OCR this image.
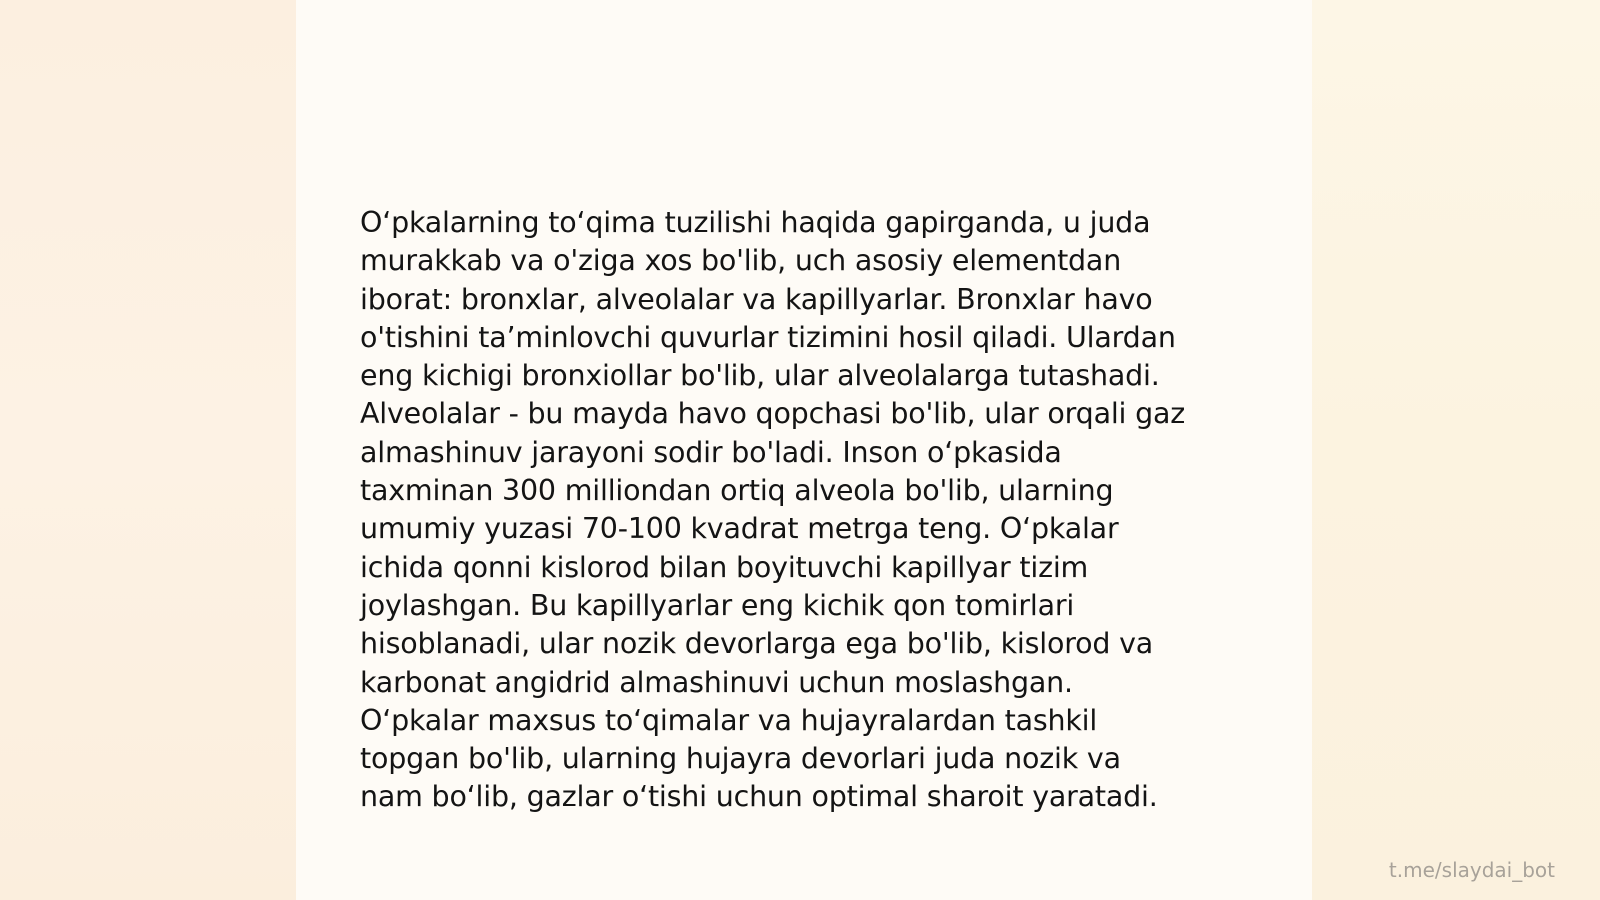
O‘pkalarning to‘qima tuzilishi haqida gapirganda, u juda
murakkab va o'ziga xos bo'lib, uch asosiy elementdan
iborat: bronxlar, alveolalar va kapillyarlar. Bronxlar havo
o'tishini ta’minlovchi quvurlar tizimini hosil qiladi. Ulardan
eng kichigi bronxiollar bo'lib, ular alveolalarga tutashadi.
Alveolalar - bu mayda havo qopchasi bo'lib, ular orqali gaz
almashinuv jarayoni sodir bo'ladi. Inson o‘pkasida
taxminan 300 milliondan ortiq alveola bo'lib, ularning
umumiy yuzasi 70-100 kvadrat metrga teng. O‘pkalar
ichida qonni kislorod bilan boyituvchi kapillyar tizim
joylashgan. Bu kapillyarlar eng kichik qon tomirlari
hisoblanadi, ular nozik devorlarga ega bo'lib, kislorod va
karbonat angidrid almashinuvi uchun moslashgan.
O‘pkalar maxsus to‘qimalar va hujayralardan tashkil
topgan bo'lib, ularning hujayra devorlari juda nozik va
nam bo‘lib, gazlar o‘tishi uchun optimal sharoit yaratadi.

t.me/slaydai_bot
